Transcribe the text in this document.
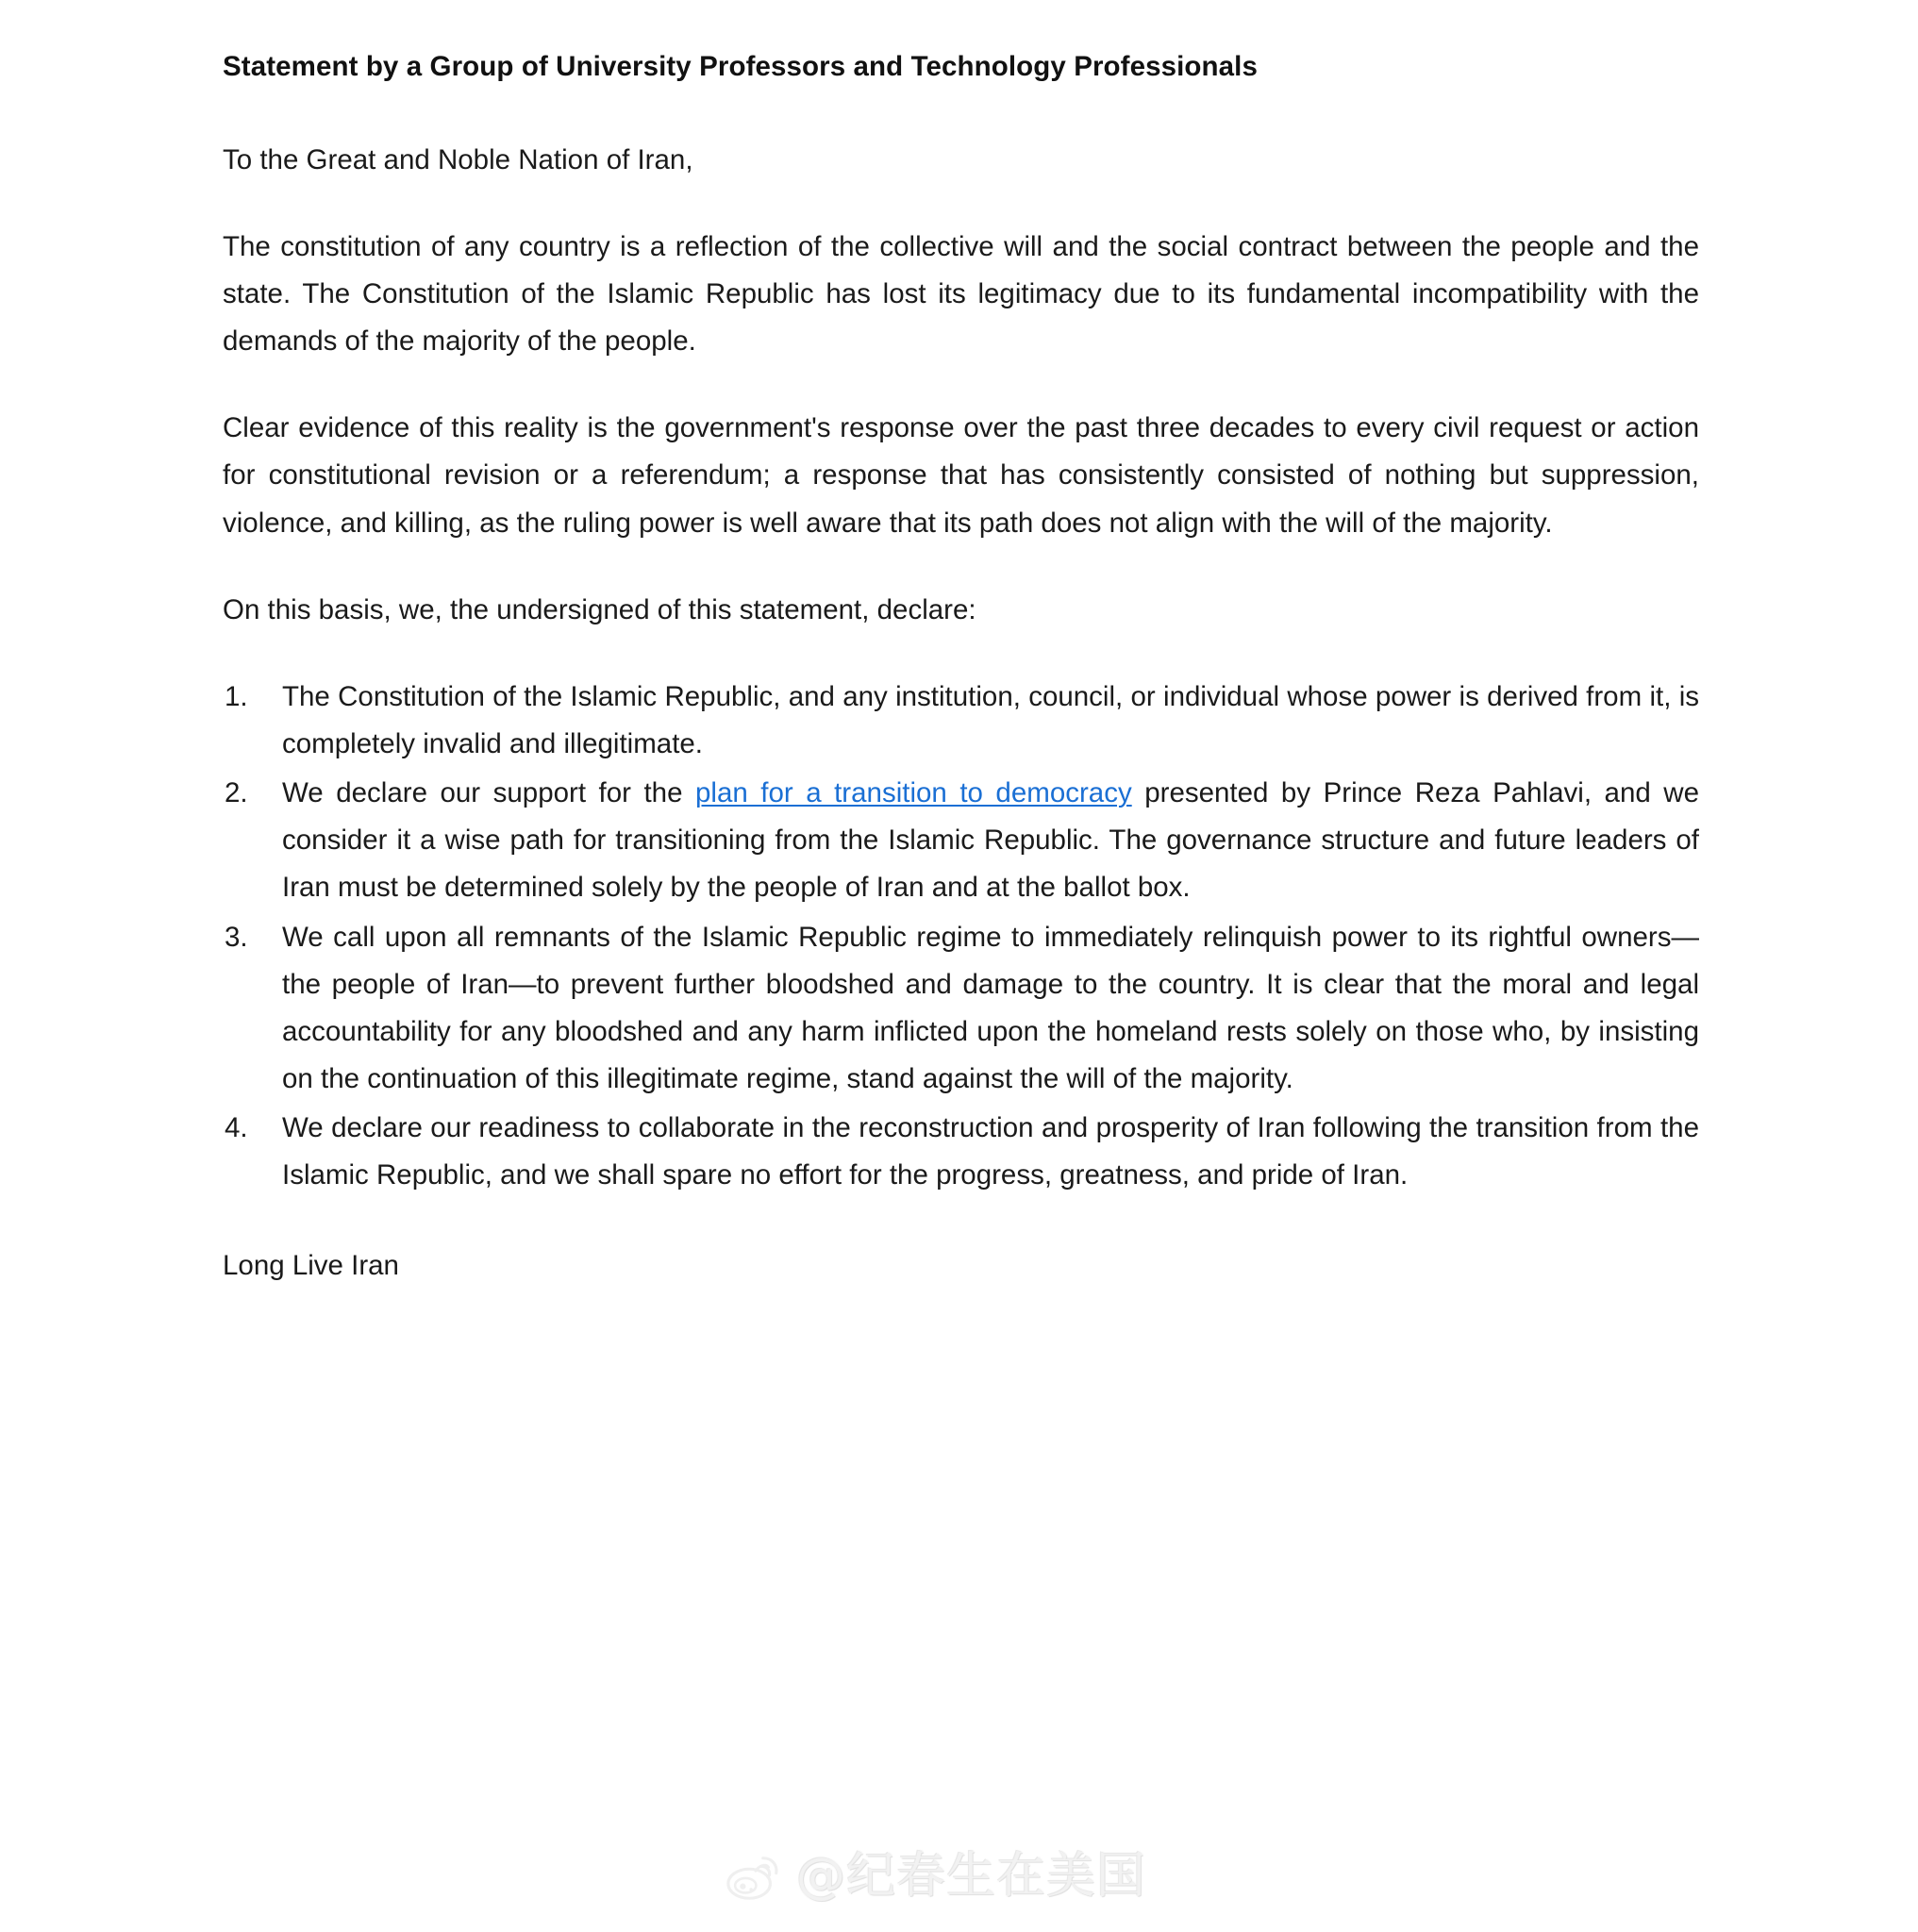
Statement by a Group of University Professors and Technology Professionals

To the Great and Noble Nation of Iran,

The constitution of any country is a reflection of the collective will and the social contract between the people and the state. The Constitution of the Islamic Republic has lost its legitimacy due to its fundamental incompatibility with the demands of the majority of the people.

Clear evidence of this reality is the government's response over the past three decades to every civil request or action for constitutional revision or a referendum; a response that has consistently consisted of nothing but suppression, violence, and killing, as the ruling power is well aware that its path does not align with the will of the majority.

On this basis, we, the undersigned of this statement, declare:

The Constitution of the Islamic Republic, and any institution, council, or individual whose power is derived from it, is completely invalid and illegitimate.
We declare our support for the plan for a transition to democracy presented by Prince Reza Pahlavi, and we consider it a wise path for transitioning from the Islamic Republic. The governance structure and future leaders of Iran must be determined solely by the people of Iran and at the ballot box.
We call upon all remnants of the Islamic Republic regime to immediately relinquish power to its rightful owners—the people of Iran—to prevent further bloodshed and damage to the country. It is clear that the moral and legal accountability for any bloodshed and any harm inflicted upon the homeland rests solely on those who, by insisting on the continuation of this illegitimate regime, stand against the will of the majority.
We declare our readiness to collaborate in the reconstruction and prosperity of Iran following the transition from the Islamic Republic, and we shall spare no effort for the progress, greatness, and pride of Iran.

Long Live Iran

@纪春生在美国
